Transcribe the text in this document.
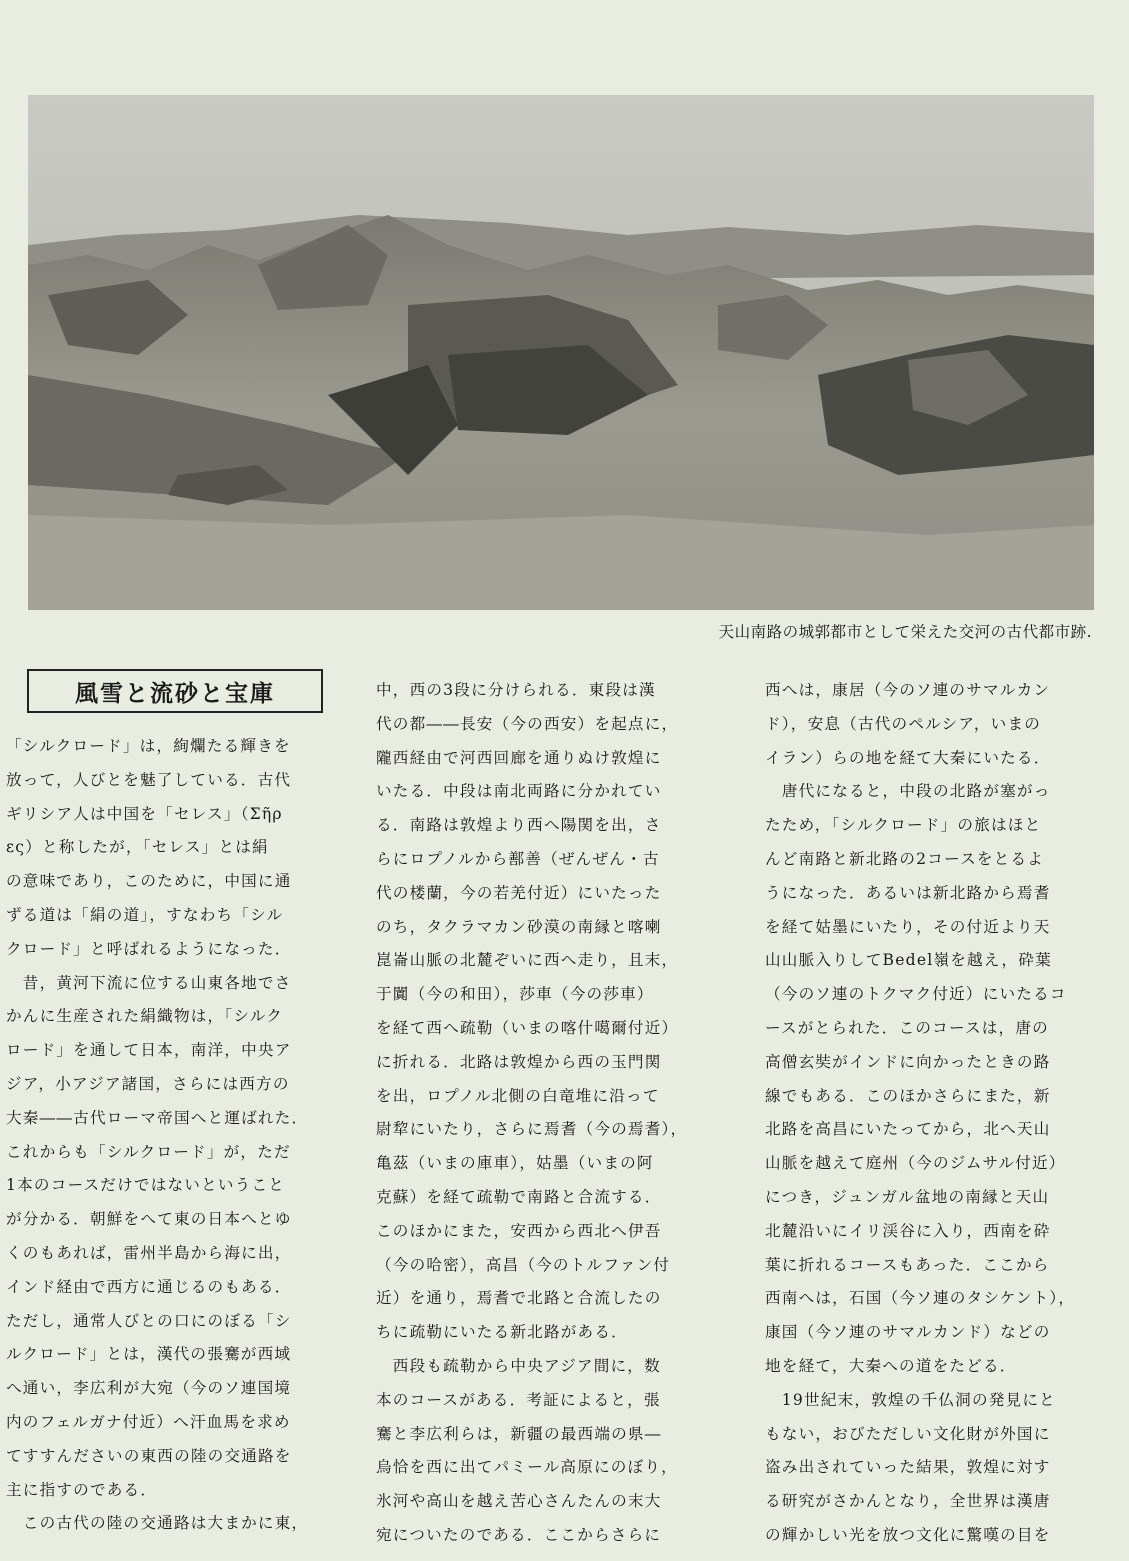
天山南路の城郭都市として栄えた交河の古代都市跡.
風雪と流砂と宝庫
「シルクロード」は，絢爛たる輝きを
放って，人びとを魅了している．古代
ギリシア人は中国を「セレス」（Σῆρ
ες）と称したが，「セレス」とは絹
の意味であり，このために，中国に通
ずる道は「絹の道」，すなわち「シル
クロード」と呼ばれるようになった．
　昔，黄河下流に位する山東各地でさ
かんに生産された絹織物は，「シルク
ロード」を通して日本，南洋，中央ア
ジア，小アジア諸国，さらには西方の
大秦――古代ローマ帝国へと運ばれた．
これからも「シルクロード」が，ただ
1本のコースだけではないということ
が分かる．朝鮮をへて東の日本へとゆ
くのもあれば，雷州半島から海に出，
インド経由で西方に通じるのもある．
ただし，通常人びとの口にのぼる「シ
ルクロード」とは，漢代の張騫が西域
へ通い，李広利が大宛（今のソ連国境
内のフェルガナ付近）へ汗血馬を求め
てすすんださいの東西の陸の交通路を
主に指すのである．
　この古代の陸の交通路は大まかに東，
中，西の3段に分けられる．東段は漢
代の都――長安（今の西安）を起点に，
隴西経由で河西回廊を通りぬけ敦煌に
いたる．中段は南北両路に分かれてい
る．南路は敦煌より西へ陽関を出，さ
らにロプノルから鄯善（ぜんぜん・古
代の楼蘭，今の若羌付近）にいたった
のち，タクラマカン砂漠の南縁と喀喇
崑崙山脈の北麓ぞいに西へ走り，且末，
于闐（今の和田），莎車（今の莎車）
を経て西へ疏勒（いまの喀什噶爾付近）
に折れる．北路は敦煌から西の玉門関
を出，ロプノル北側の白竜堆に沿って
尉犂にいたり，さらに焉耆（今の焉耆），
亀茲（いまの庫車），姑墨（いまの阿
克蘇）を経て疏勒で南路と合流する．
このほかにまた，安西から西北へ伊吾
（今の哈密），高昌（今のトルファン付
近）を通り，焉耆で北路と合流したの
ちに疏勒にいたる新北路がある．
　西段も疏勒から中央アジア間に，数
本のコースがある．考証によると，張
騫と李広利らは，新疆の最西端の県―
烏恰を西に出てパミール高原にのぼり，
氷河や高山を越え苦心さんたんの末大
宛についたのである．ここからさらに
西へは，康居（今のソ連のサマルカン
ド），安息（古代のペルシア，いまの
イラン）らの地を経て大秦にいたる．
　唐代になると，中段の北路が塞がっ
たため，「シルクロード」の旅はほと
んど南路と新北路の2コースをとるよ
うになった．あるいは新北路から焉耆
を経て姑墨にいたり，その付近より天
山山脈入りしてBedel嶺を越え，砕葉
（今のソ連のトクマク付近）にいたるコ
ースがとられた．このコースは，唐の
高僧玄奘がインドに向かったときの路
線でもある．このほかさらにまた，新
北路を高昌にいたってから，北へ天山
山脈を越えて庭州（今のジムサル付近）
につき，ジュンガル盆地の南縁と天山
北麓沿いにイリ渓谷に入り，西南を砕
葉に折れるコースもあった．ここから
西南へは，石国（今ソ連のタシケント），
康国（今ソ連のサマルカンド）などの
地を経て，大秦への道をたどる．
　19世紀末，敦煌の千仏洞の発見にと
もない，おびただしい文化財が外国に
盗み出されていった結果，敦煌に対す
る研究がさかんとなり，全世界は漢唐
の輝かしい光を放つ文化に驚嘆の目を
